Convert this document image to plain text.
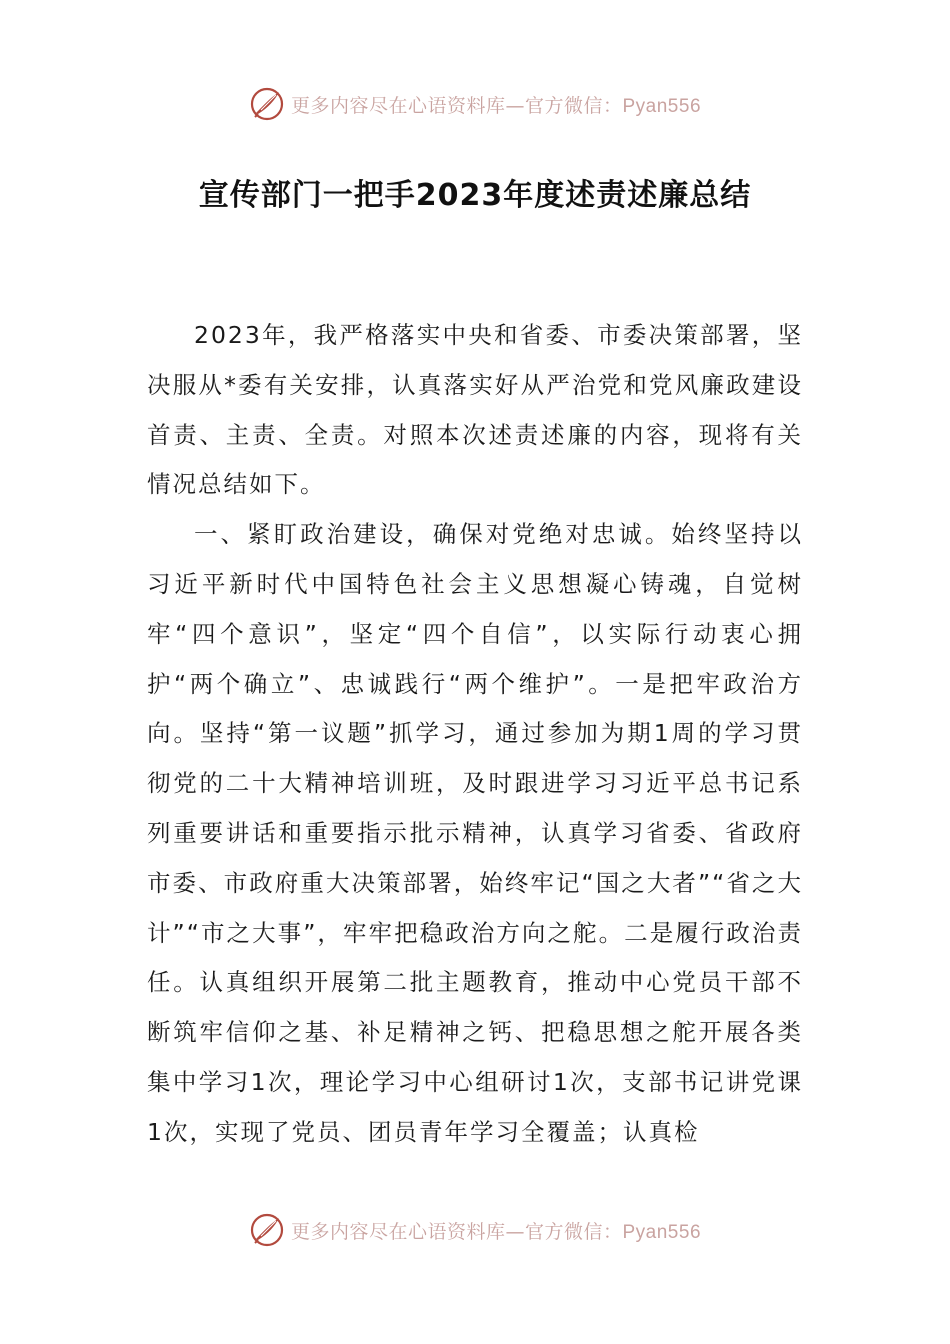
更多内容尽在心语资料库—官方微信：Pyan556
宣传部门一把手2023年度述责述廉总结

2023年，我严格落实中央和省委、市委决策部署，坚决服从*委有关安排，认真落实好从严治党和党风廉政建设首责、主责、全责。对照本次述责述廉的内容，现将有关情况总结如下。

一、紧盯政治建设，确保对党绝对忠诚。始终坚持以习近平新时代中国特色社会主义思想凝心铸魂，自觉树牢“四个意识”，坚定“四个自信”，以实际行动衷心拥护“两个确立”、忠诚践行“两个维护”。一是把牢政治方向。坚持“第一议题”抓学习，通过参加为期1周的学习贯彻党的二十大精神培训班，及时跟进学习习近平总书记系列重要讲话和重要指示批示精神，认真学习省委、省政府市委、市政府重大决策部署，始终牢记“国之大者”“省之大计”“市之大事”，牢牢把稳政治方向之舵。二是履行政治责任。认真组织开展第二批主题教育，推动中心党员干部不断筑牢信仰之基、补足精神之钙、把稳思想之舵开展各类集中学习1次，理论学习中心组研讨1次，支部书记讲党课1次，实现了党员、团员青年学习全覆盖；认真检

更多内容尽在心语资料库—官方微信：Pyan556
